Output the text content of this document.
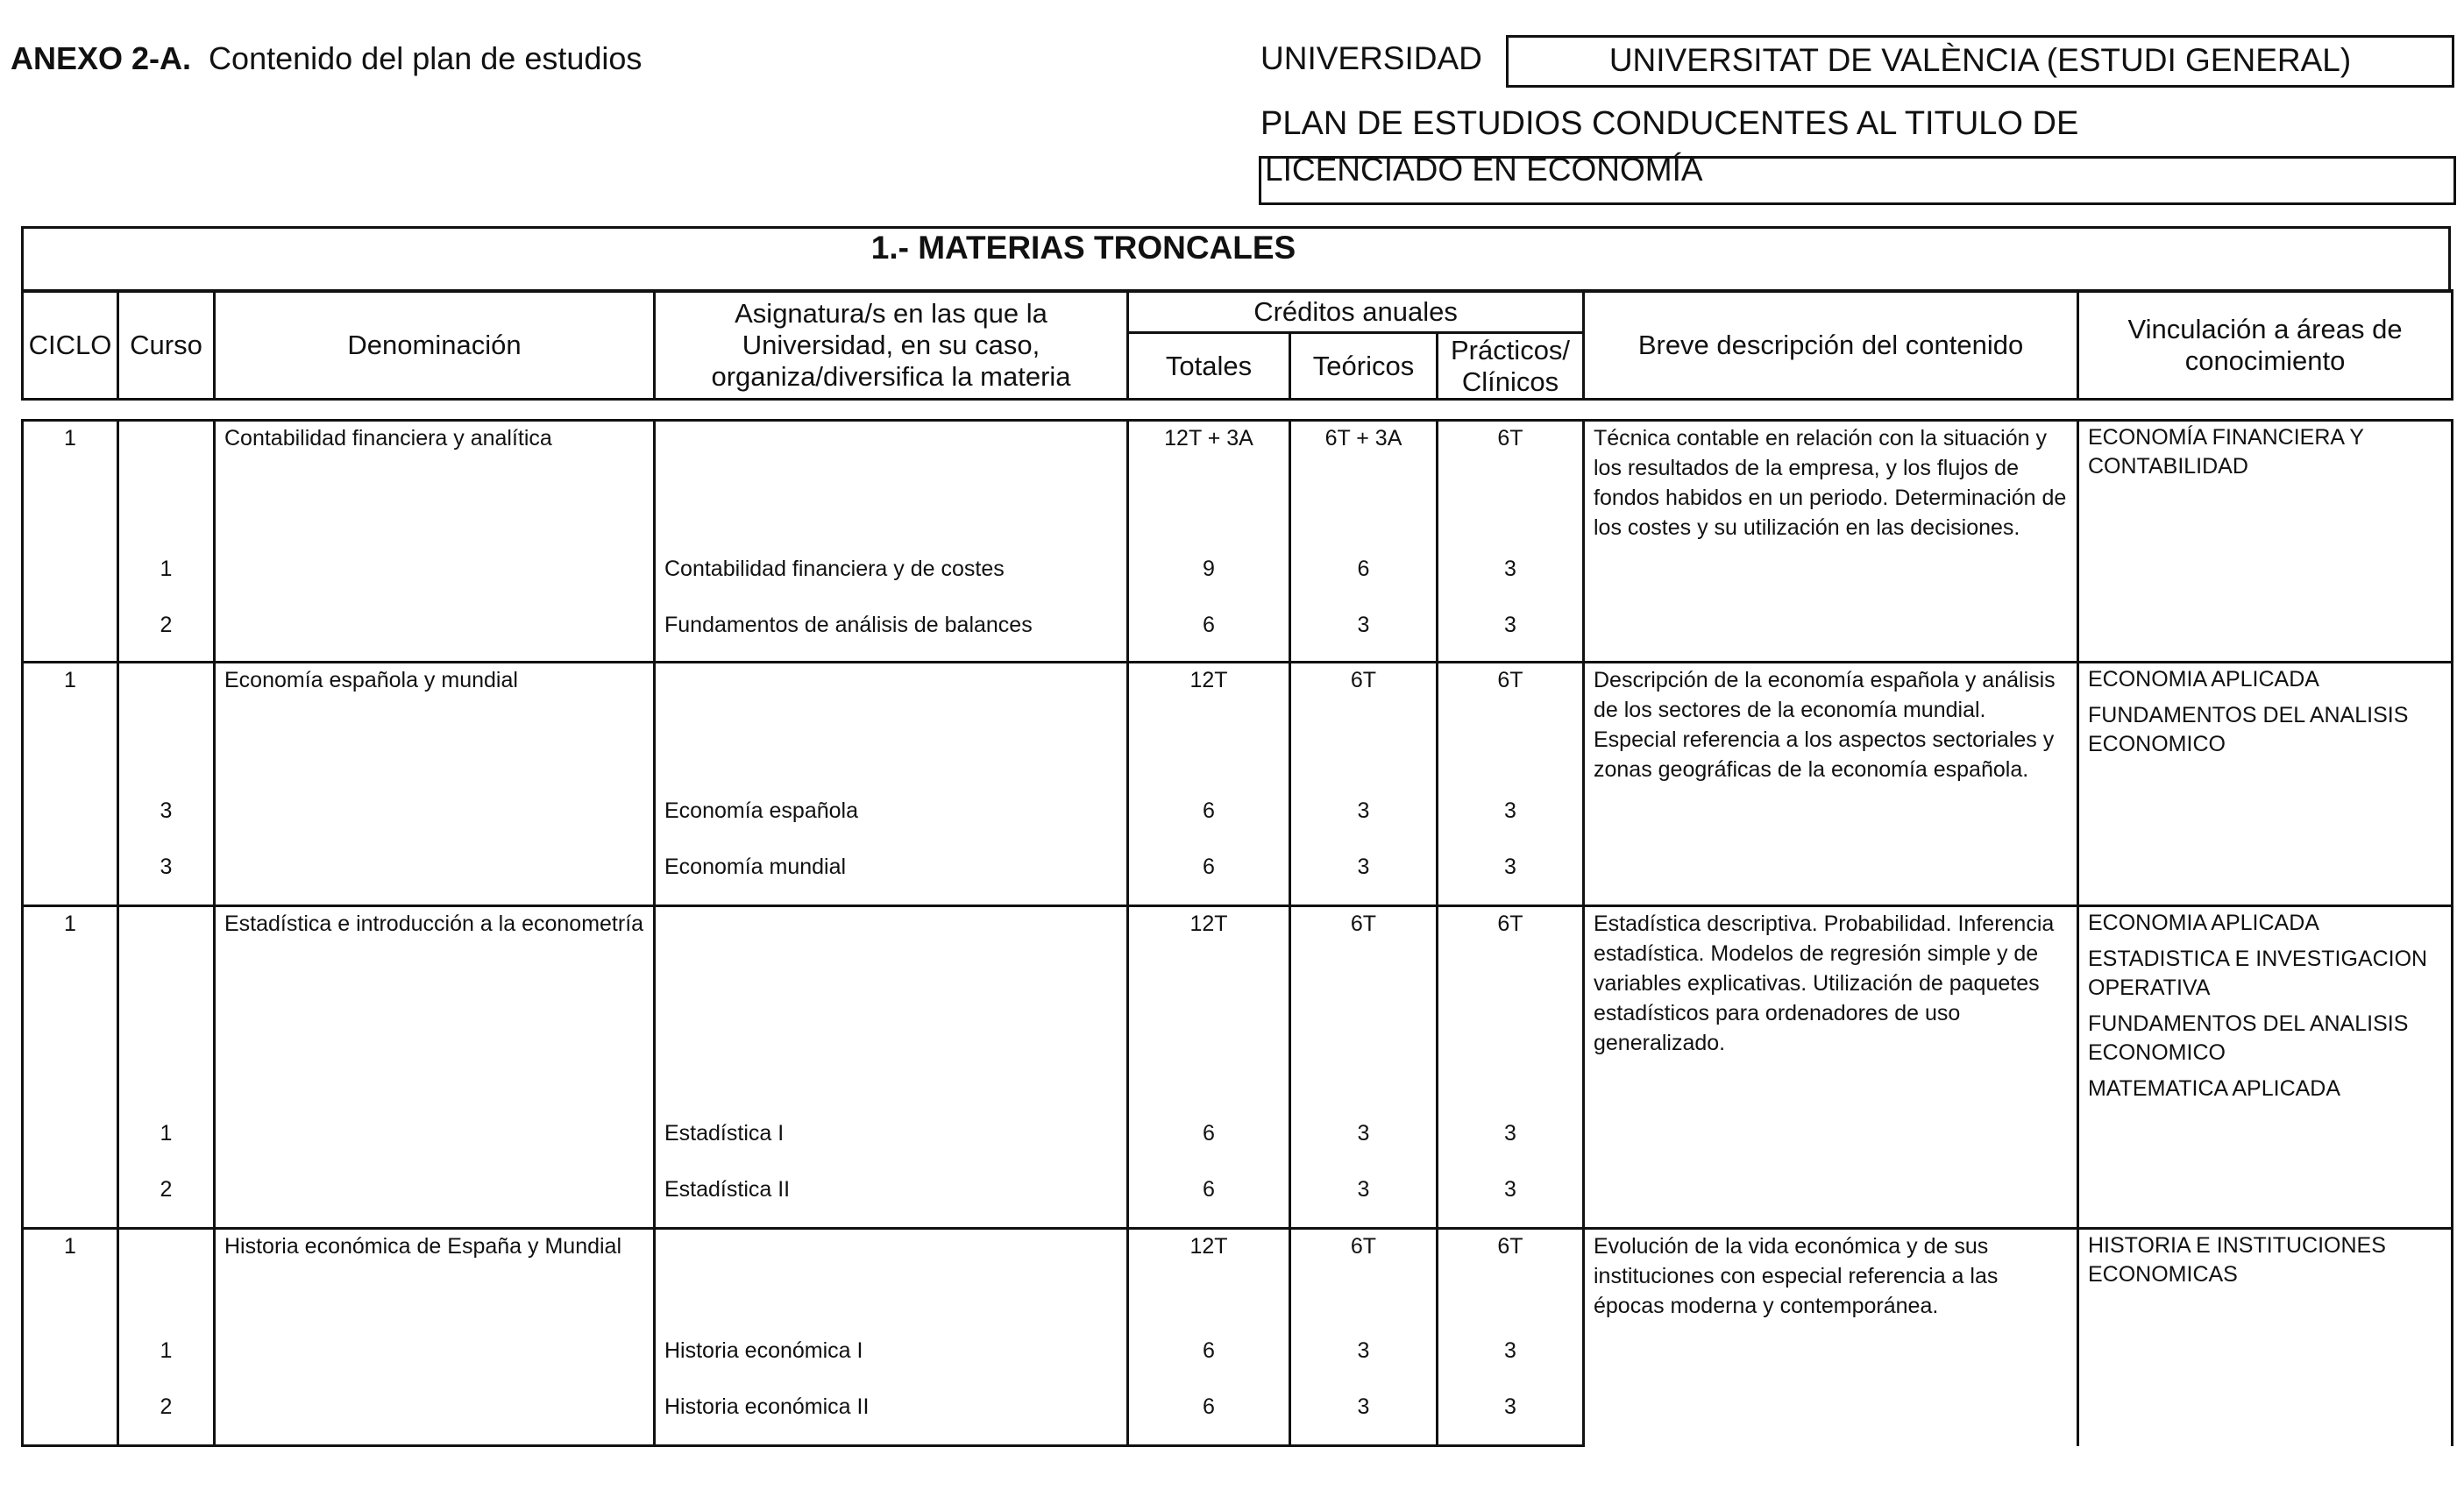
ANEXO 2-A. Contenido del plan de estudios	UNIVERSIDAD	UNIVERSITAT DE VALÈNCIA (ESTUDI GENERAL)
PLAN DE ESTUDIOS CONDUCENTES AL TITULO DE
LICENCIADO EN ECONOMÍA
1.- MATERIAS TRONCALES
CICLO	Curso	Denominación	Asignatura/s en las que la Universidad, en su caso, organiza/diversifica la materia	Créditos anuales			Breve descripción del contenido	Vinculación a áreas de conocimiento
				Totales	Teóricos	Prácticos/ Clínicos		
1		Contabilidad financiera y analítica		12T + 3A	6T + 3A	6T	Técnica contable en relación con la situación y los resultados de la empresa, y los flujos de fondos habidos en un periodo. Determinación de los costes y su utilización en las decisiones.	ECONOMÍA FINANCIERA Y CONTABILIDAD

	1		Contabilidad financiera y de costes	9	6	3		
	2		Fundamentos de análisis de balances	6	3	3		
1		Economía española y mundial		12T	6T	6T	Descripción de la economía española y análisis de los sectores de la economía mundial. Especial referencia a los aspectos sectoriales y zonas geográficas de la economía española.	ECONOMIA APLICADA
FUNDAMENTOS DEL ANALISIS ECONOMICO

	3		Economía española	6	3	3		
	3		Economía mundial	6	3	3		
1		Estadística e introducción a la econometría		12T	6T	6T	Estadística descriptiva. Probabilidad. Inferencia estadística. Modelos de regresión simple y de variables explicativas. Utilización de paquetes estadísticos para ordenadores de uso generalizado.	ECONOMIA APLICADA
ESTADISTICA E INVESTIGACION OPERATIVA
FUNDAMENTOS DEL ANALISIS ECONOMICO
MATEMATICA APLICADA

	1		Estadística I	6	3	3		
	2		Estadística II	6	3	3		
1		Historia económica de España y Mundial		12T	6T	6T	Evolución de la vida económica y de sus instituciones con especial referencia a las épocas moderna y contemporánea.	HISTORIA E INSTITUCIONES ECONOMICAS

	1		Historia económica I	6	3	3		
	2		Historia económica II	6	3	3		
